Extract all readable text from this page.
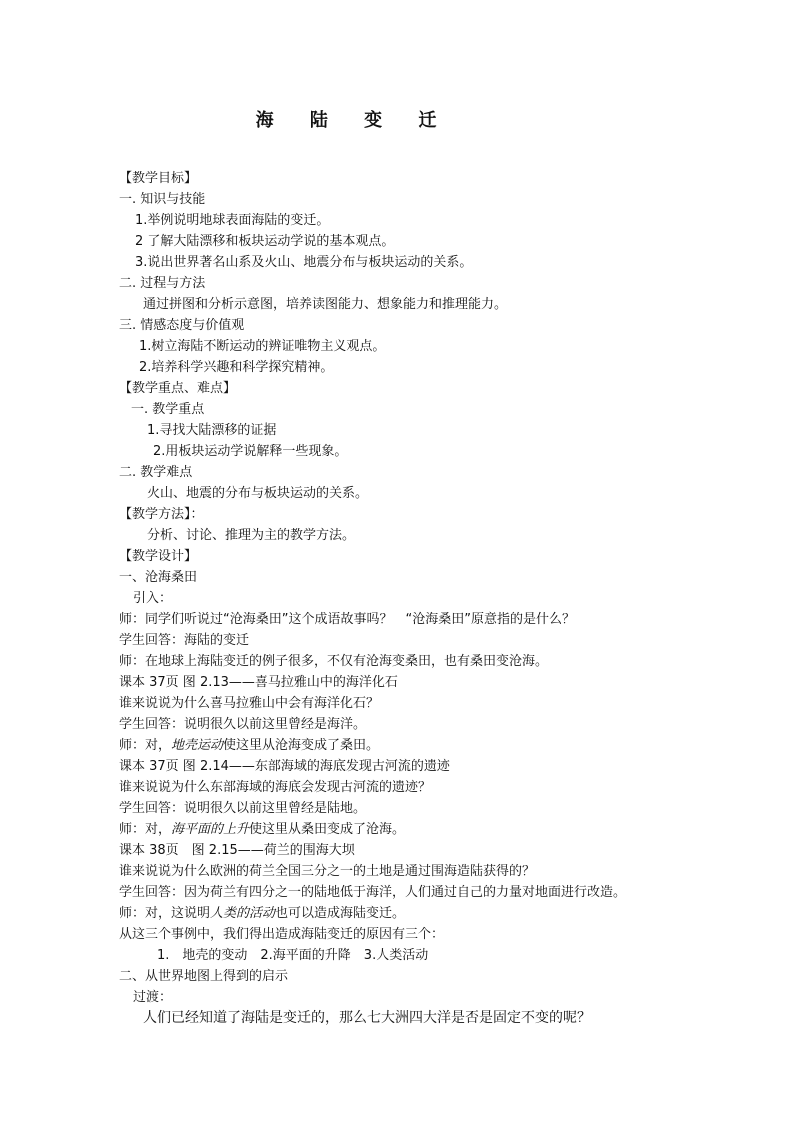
海 陆 变 迁
【教学目标】
一. 知识与技能
1.举例说明地球表面海陆的变迁。
2 了解大陆漂移和板块运动学说的基本观点。
3.说出世界著名山系及火山、地震分布与板块运动的关系。
二. 过程与方法
通过拼图和分析示意图，培养读图能力、想象能力和推理能力。
三. 情感态度与价值观
1.树立海陆不断运动的辨证唯物主义观点。
2.培养科学兴趣和科学探究精神。
【教学重点、难点】
一. 教学重点
1.寻找大陆漂移的证据
2.用板块运动学说解释一些现象。
二. 教学难点
火山、地震的分布与板块运动的关系。
【教学方法】：
分析、讨论、推理为主的教学方法。
【教学设计】
一、沧海桑田
引入：
师：同学们听说过“沧海桑田”这个成语故事吗？　“沧海桑田”原意指的是什么？
学生回答：海陆的变迁
师：在地球上海陆变迁的例子很多，不仅有沧海变桑田，也有桑田变沧海。
课本 37页 图 2.13——喜马拉雅山中的海洋化石
谁来说说为什么喜马拉雅山中会有海洋化石？
学生回答：说明很久以前这里曾经是海洋。
师：对，地壳运动使这里从沧海变成了桑田。
课本 37页 图 2.14——东部海域的海底发现古河流的遗迹
谁来说说为什么东部海域的海底会发现古河流的遗迹？
学生回答：说明很久以前这里曾经是陆地。
师：对，海平面的上升使这里从桑田变成了沧海。
课本 38页　图 2.15——荷兰的围海大坝
谁来说说为什么欧洲的荷兰全国三分之一的土地是通过围海造陆获得的？
学生回答：因为荷兰有四分之一的陆地低于海洋，人们通过自己的力量对地面进行改造。
师：对，这说明人类的活动也可以造成海陆变迁。
从这三个事例中，我们得出造成海陆变迁的原因有三个：
1.　地壳的变动　2.海平面的升降　3.人类活动
二、从世界地图上得到的启示
过渡：
人们已经知道了海陆是变迁的，那么七大洲四大洋是否是固定不变的呢？
